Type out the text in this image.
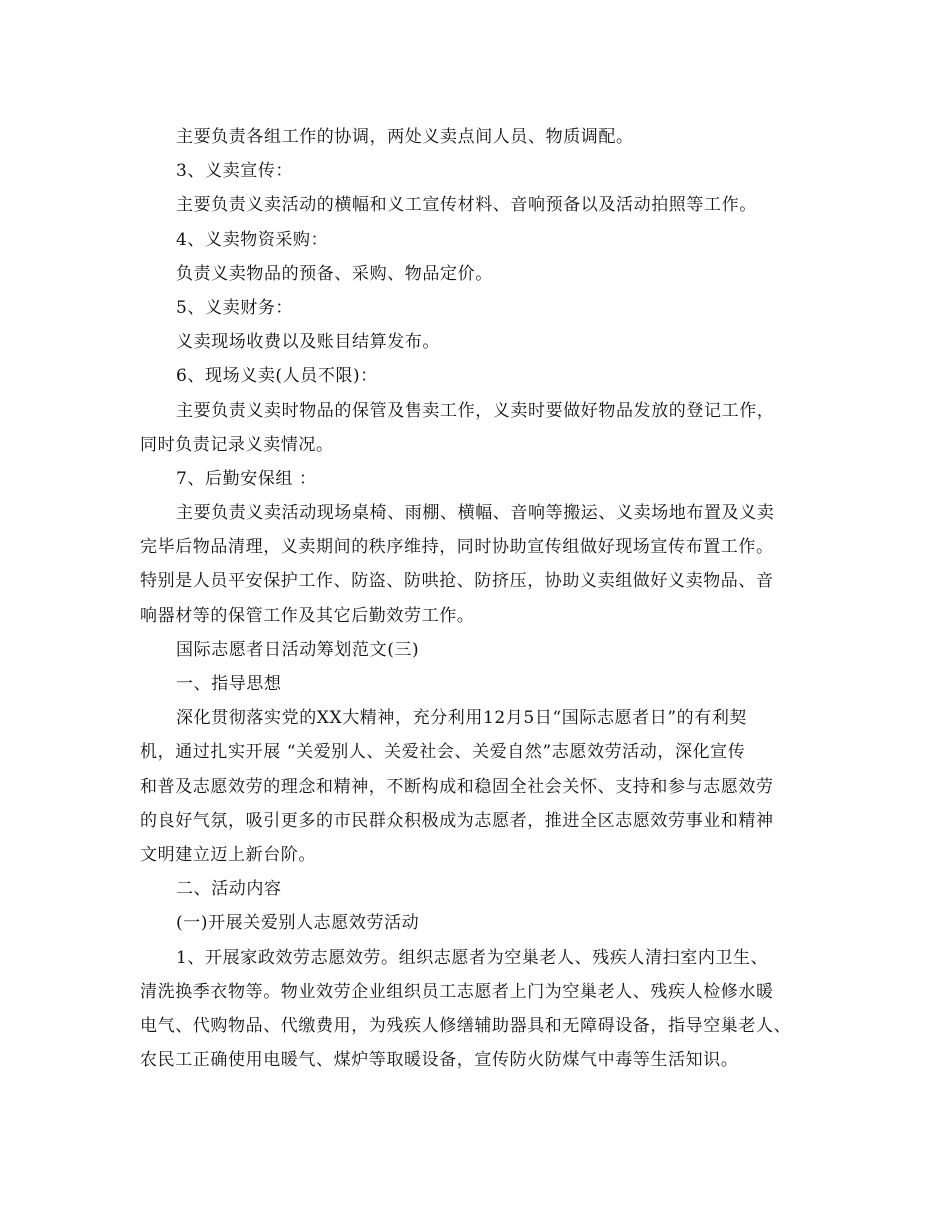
主要负责各组工作的协调，两处义卖点间人员、物质调配。
3、义卖宣传：
主要负责义卖活动的横幅和义工宣传材料、音响预备以及活动拍照等工作。
4、义卖物资采购：
负责义卖物品的预备、采购、物品定价。
5、义卖财务：
义卖现场收费以及账目结算发布。
6、现场义卖(人员不限)：
主要负责义卖时物品的保管及售卖工作，义卖时要做好物品发放的登记工作，
同时负责记录义卖情况。
7、后勤安保组 ：
主要负责义卖活动现场桌椅、雨棚、横幅、音响等搬运、义卖场地布置及义卖
完毕后物品清理，义卖期间的秩序维持，同时协助宣传组做好现场宣传布置工作。
特别是人员平安保护工作、防盗、防哄抢、防挤压，协助义卖组做好义卖物品、音
响器材等的保管工作及其它后勤效劳工作。
国际志愿者日活动筹划范文(三)
一、指导思想
深化贯彻落实党的XX大精神，充分利用12月5日“国际志愿者日”的有利契
机，通过扎实开展 “关爱别人、关爱社会、关爱自然”志愿效劳活动，深化宣传
和普及志愿效劳的理念和精神，不断构成和稳固全社会关怀、支持和参与志愿效劳
的良好气氛，吸引更多的市民群众积极成为志愿者，推进全区志愿效劳事业和精神
文明建立迈上新台阶。
二、活动内容
(一)开展关爱别人志愿效劳活动
1、开展家政效劳志愿效劳。组织志愿者为空巢老人、残疾人清扫室内卫生、
清洗换季衣物等。物业效劳企业组织员工志愿者上门为空巢老人、残疾人检修水暖
电气、代购物品、代缴费用，为残疾人修缮辅助器具和无障碍设备，指导空巢老人、
农民工正确使用电暖气、煤炉等取暖设备，宣传防火防煤气中毒等生活知识。
